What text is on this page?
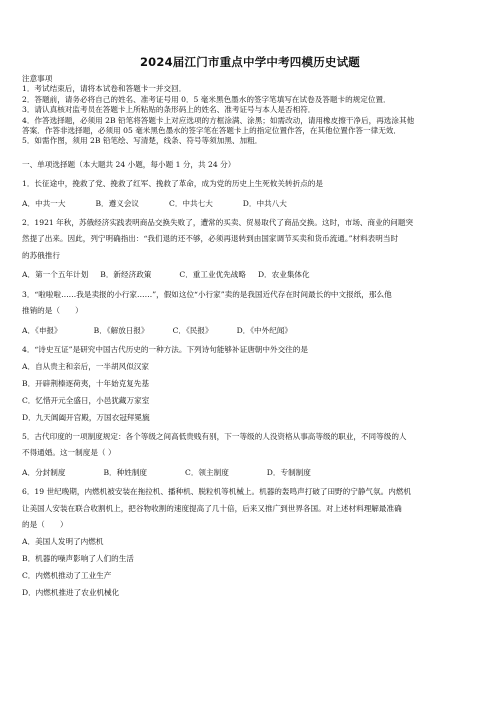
2024届江门市重点中学中考四模历史试题

注意事项

1．考试结束后，请将本试卷和答题卡一并交回．

2．答题前，请务必将自己的姓名、准考证号用 0．5 毫米黑色墨水的签字笔填写在试卷及答题卡的规定位置．

3．请认真核对监考员在答题卡上所粘贴的条形码上的姓名、准考证号与本人是否相符．

4．作答选择题，必须用 2B 铅笔将答题卡上对应选项的方框涂满、涂黑；如需改动，请用橡皮擦干净后，再选涂其他

答案．作答非选择题，必须用 05 毫米黑色墨水的签字笔在答题卡上的指定位置作答，在其他位置作答一律无效．

5．如需作图，须用 2B 铅笔绘、写清楚，线条、符号等须加黑、加粗．

一、单项选择题（本大题共 24 小题，每小题 1 分，共 24 分）

1．长征途中，挽救了党、挽救了红军、挽救了革命，成为党的历史上生死攸关转折点的是

A．中共一大	B．遵义会议	C．中共七大	D．中共八大

2．1921 年秋，苏俄经济实践表明商品交换失败了，遭常的买卖、贸易取代了商品交换。这时，市场、商业的问题突

然提了出来。因此，列宁明确指出：“我们退的还不够，必须再退转到由国家调节买卖和货币流通。”材料表明当时

的苏俄推行

A．第一个五年计划 B．新经济政策	C．重工业优先战略 D．农业集体化

3．“啦啦啦……我是卖报的小行家……”，假如这位“小行家”卖的是我国近代存在时间最长的中文报纸，那么他

推销的是（　　）

A．《申报》	B．《解放日报》	C．《民报》	D．《中外纪闻》

4．“诗史互证”是研究中国古代历史的一种方法。下列诗句能够补证唐朝中外交往的是

A．自从贵主和亲后，一半胡风似汉家

B．开辟荆榛逐荷夷，十年始克复先基

C．忆惜开元全盛日，小邑犹藏万家室

D．九天阊阖开宫殿，万国衣冠拜冕旒

5．古代印度的一项制度规定：各个等级之间高低贵贱有别，下一等级的人没资格从事高等级的职业，不同等级的人

不得通婚。这一制度是（ ）

A．分封制度	B．种姓制度	C．领主制度	D．专制制度

6．19 世纪晚期，内燃机被安装在拖拉机、播种机、脱粒机等机械上。机器的轰鸣声打破了田野的宁静气氛。内燃机

让美国人安装在联合收割机上，把谷物收割的速度提高了几十倍，后来又推广到世界各国。对上述材料理解最准确

的是（　　）

A．美国人发明了内燃机

B．机器的噪声影响了人们的生活

C．内燃机推动了工业生产

D．内燃机推进了农业机械化
